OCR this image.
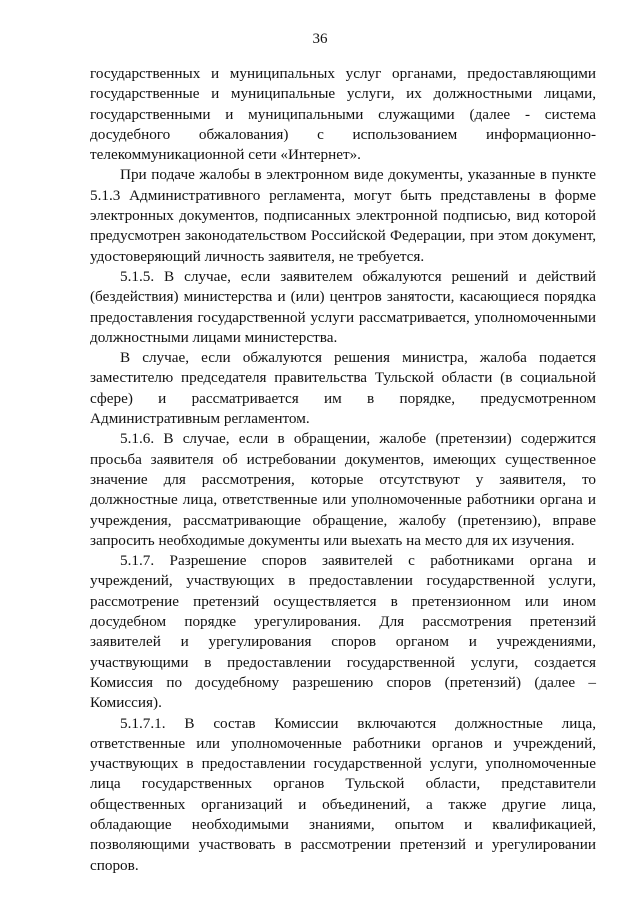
36

государственных и муниципальных услуг органами, предоставляющими государственные и муниципальные услуги, их должностными лицами, государственными и муниципальными служащими (далее - система досудебного обжалования) с использованием информационно-телекоммуникационной сети «Интернет».

При подаче жалобы в электронном виде документы, указанные в пункте 5.1.3 Административного регламента, могут быть представлены в форме электронных документов, подписанных электронной подписью, вид которой предусмотрен законодательством Российской Федерации, при этом документ, удостоверяющий личность заявителя, не требуется.

5.1.5. В случае, если заявителем обжалуются решений и действий (бездействия) министерства и (или) центров занятости, касающиеся порядка предоставления государственной услуги рассматривается, уполномоченными должностными лицами министерства.

В случае, если обжалуются решения министра, жалоба подается заместителю председателя правительства Тульской области (в социальной сфере) и рассматривается им в порядке, предусмотренном Административным регламентом.

5.1.6. В случае, если в обращении, жалобе (претензии) содержится просьба заявителя об истребовании документов, имеющих существенное значение для рассмотрения, которые отсутствуют у заявителя, то должностные лица, ответственные или уполномоченные работники органа и учреждения, рассматривающие обращение, жалобу (претензию), вправе запросить необходимые документы или выехать на место для их изучения.

5.1.7. Разрешение споров заявителей с работниками органа и учреждений, участвующих в предоставлении государственной услуги, рассмотрение претензий осуществляется в претензионном или ином досудебном порядке урегулирования. Для рассмотрения претензий заявителей и урегулирования споров органом и учреждениями, участвующими в предоставлении государственной услуги, создается Комиссия по досудебному разрешению споров (претензий) (далее – Комиссия).

5.1.7.1. В состав Комиссии включаются должностные лица, ответственные или уполномоченные работники органов и учреждений, участвующих в предоставлении государственной услуги, уполномоченные лица государственных органов Тульской области, представители общественных организаций и объединений, а также другие лица, обладающие необходимыми знаниями, опытом и квалификацией, позволяющими участвовать в рассмотрении претензий и урегулировании споров.
